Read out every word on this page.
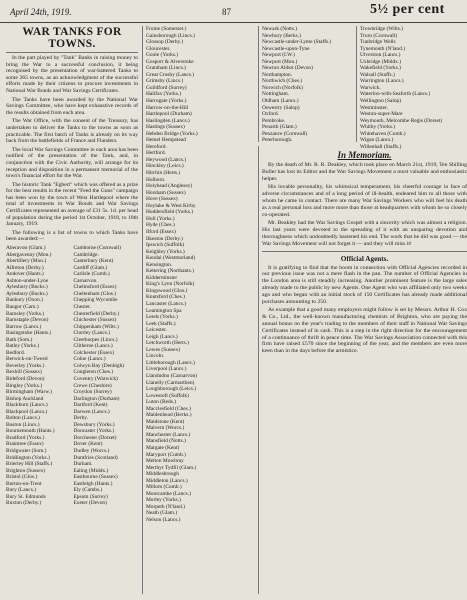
April 24th, 1919.	87	5½ per cent
WAR TANKS FOR TOWNS.

In the part played by "Tank" Banks in raising money to bring the War to a successful conclusion, it being recognised by the presentation of war-battered Tanks to some 265 towns, as an acknowledgment of the successful efforts made by their citizens to procure investments in National War Bonds and War Savings Certificates.

The Tanks have been awarded by the National War Savings Committee, who have kept exhaustive records of the results obtained from each area.

The War Office, with the consent of the Treasury, has undertaken to deliver the Tanks to the towns as soon as practicable. The first batch of Tanks is already on its way back from the battlefields of France and Flanders.

The local War Savings Committee in each area has been notified of the presentation of the Tank, and, in conjunction with the Civic Authority, will arrange for its reception and disposition in a permanent memorial of the town's financial effort for the War.

The historic Tank "Egbert" which was offered as a prize for the best results in the recent "Feed the Guns" campaign has been won by the town of West Hartlepool where the total of investments in War Bonds and War Savings Certificates represented an average of £31 5s. 1d. per head of population during the period 1st October, 1918, to 18th January, 1919.

The following is a list of towns to which Tanks have been awarded:—

Aberavon (Glam.)
Abergavenny (Mon.)
Abertillery (Mon.)
Alfreton (Derby.)
Andover (Hants.)
Ashton-under-Lyne
Aylesbury (Bucks.)
Aylesbury (Bucks.)
Banbury (Oxon.)
Bangor (Carn.)
Barnsley (Yorks.)
Barnstaple (Devon)
Barrow (Lancs.)
Basingstoke (Hants.)
Bath (Som.)
Batley (Yorks.)
Bedford.
Berwick-on-Tweed
Beverley (Yorks.)
Bexhill (Sussex)
Bideford (Devon)
Bingley (Yorks.)
Birmingham (Warw.)
Bishop Auckland
Blackburn (Lancs.)
Blackpool (Lancs.)
Bolton (Lancs.)
Boston (Lincs.)
Bournemouth (Hants.)
Bradford (Yorks.)
Braintree (Essex)
Bridgwater (Som.)
Bridlington (Yorks.)
Brierley Hill (Staffs.)
Brighton (Sussex)
Bristol (Glos.)
Burton-on-Trent
Bury (Lancs.)
Bury St. Edmunds
Buxton (Derby.)
Camborne (Cornwall)
Cambridge.
Canterbury (Kent)
Cardiff (Glam.)
Carlisle (Cumb.)
Carnarvon.
Chelmsford (Essex)
Cheltenham (Glos.)
Chepping Wycombe
Chester.
Chesterfield (Derby.)
Chichester (Sussex)
Chippenham (Wilts.)
Chorley (Lancs.)
Cleethorpes (Lincs.)
Clitheroe (Lancs.)
Colchester (Essex)
Colne (Lancs.)
Colwyn Bay (Denbigh)
Congleton (Ches.)
Coventry (Warwick)
Crewe (Cheshire)
Croydon (Surrey)
Darlington (Durham)
Dartford (Kent)
Darwen (Lancs.)
Derby.
Dewsbury (Yorks.)
Doncaster (Yorks.)
Dorchester (Dorset)
Dover (Kent)
Dudley (Worcs.)
Dumfries (Scotland)
Durham.
Ealing (Middx.)
Eastbourne (Sussex)
Eastleigh (Hants.)
Ely (Cambs.)
Epsom (Surrey)
Exeter (Devon)
Frome (Somerset.)
Gainsborough (Lincs.)
Glossop (Derby.)
Gloucester.
Goole (Yorks.)
Gosport & Alverstoke
Grantham (Lincs.)
Great Crosby (Lancs.)
Grimsby (Lincs.)
Guildford (Surrey)
Halifax (Yorks.)
Harrogate (Yorks.)
Harrow-on-the-Hill
Hartlepool (Durham)
Haslingden (Lancs.)
Hastings (Sussex)
Hebden Bridge (Yorks.)
Hemel Hempstead
Hereford.
Hertford.
Heywood (Lancs.)
Hinckley (Leics.)
Hitchin (Herts.)
Holborn.
Holyhead (Anglesey)
Horsham (Sussex)
Hove (Sussex)
Hoylake & West Kirby
Huddersfield (Yorks.)
Hull (Yorks.)
Hyde (Ches.)
Ilford (Essex)
Ilkeston (Derby.)
Ipswich (Suffolk)
Keighley (Yorks.)
Kendal (Westmorland)
Kensington.
Kettering (Northants.)
Kidderminster
King's Lynn (Norfolk)
Kingswood (Glos.)
Knutsford (Ches.)
Lancaster (Lancs.)
Leamington Spa
Leeds (Yorks.)
Leek (Staffs.)
Leicester.
Leigh (Lancs.)
Letchworth (Herts.)
Lewes (Sussex)
Lincoln.
Littleborough (Lancs.)
Liverpool (Lancs.)
Llandudno (Carnarvon)
Llanelly (Carmarthen)
Loughborough (Leics.)
Lowestoft (Suffolk)
Luton (Beds.)
Macclesfield (Ches.)
Maidenhead (Berks.)
Maidstone (Kent)
Malvern (Worcs.)
Manchester (Lancs.)
Mansfield (Notts.)
Margate (Kent)
Maryport (Cumb.)
Melton Mowbray
Merthyr Tydfil (Glam.)
Middlesbrough
Middleton (Lancs.)
Millom (Cumb.)
Morecambe (Lancs.)
Morley (Yorks.)
Morpeth (N'land.)
Neath (Glam.)
Nelson (Lancs.)
Newark (Notts.)
Newbury (Berks.)
Newcastle-under-Lyme (Staffs.)
Newcastle-upon-Tyne
Newport (I.W.)
Newport (Mon.)
Newton Abbot (Devon)
Northampton.
Northwich (Ches.)
Norwich (Norfolk)
Nottingham.
Oldham (Lancs.)
Oswestry (Salop)
Oxford.
Pembroke.
Penarth (Glam.)
Penzance (Cornwall)
Peterborough.
Trowbridge (Wilts.)
Truro (Cornwall)
Tunbridge Wells
Tynemouth (N'land.)
Ulverston (Lancs.)
Uxbridge (Middx.)
Wakefield (Yorks.)
Walsall (Staffs.)
Warrington (Lancs.)
Warwick.
Waterloo-with-Seaforth (Lancs.)
Wellington (Salop)
Westminster.
Weston-super-Mare
Weymouth, Melcombe Regis (Dorset)
Whitby (Yorks.)
Whitehaven (Cumb.)
Wigan (Lancs.)
Willenhall (Staffs.)
In Memoriam.

By the death of Mr. R. R. Deakley, which took place on March 21st, 1919, Ten Shilling Buller has lost its Editor and the War Savings Movement a most valuable and enthusiastic helper.

His lovable personality, his whimsical temperament, his cheerful courage in face of adverse circumstances and of a long period of ill-health, endeared him to all those with whom he came in contact. There are many War Savings Workers who will feel his death as a real personal loss and more more than those at headquarters with whom he so closely co-operated.

Mr. Beakley had the War Savings Gospel with a sincerity which was almost a religion. His last years were devoted to the spreading of it with an unsparing devotion and thoroughness which undoubtedly hastened his end. The work that he did was good — the War Savings Movement will not forget it — and they will miss it!

Official Agents.

It is gratifying to find that the boom in connection with Official Agencies recorded in our previous issue was not a mere flash in the pan. The number of Official Agencies in the London area is still steadily increasing. Another prominent feature is the large sales already made to the public by new Agents. One Agent who was affiliated only two weeks ago and who began with an initial stock of 150 Certificates has already made additional purchases amounting to 250.

As example that a good many employers might follow is set by Messrs. Arthur H. Cox & Co., Ltd., the well-known manufacturing chemists of Brighton, who are paying the annual bonus on the year's trading to the members of their staff in National War Savings Certificates instead of in cash. This is a step in the right direction for the encouragement of a continuance of thrift in peace time. The War Savings Association connected with this firm have raised £570 since the beginning of the year, and the members are even more keen than in the days before the armistice.
